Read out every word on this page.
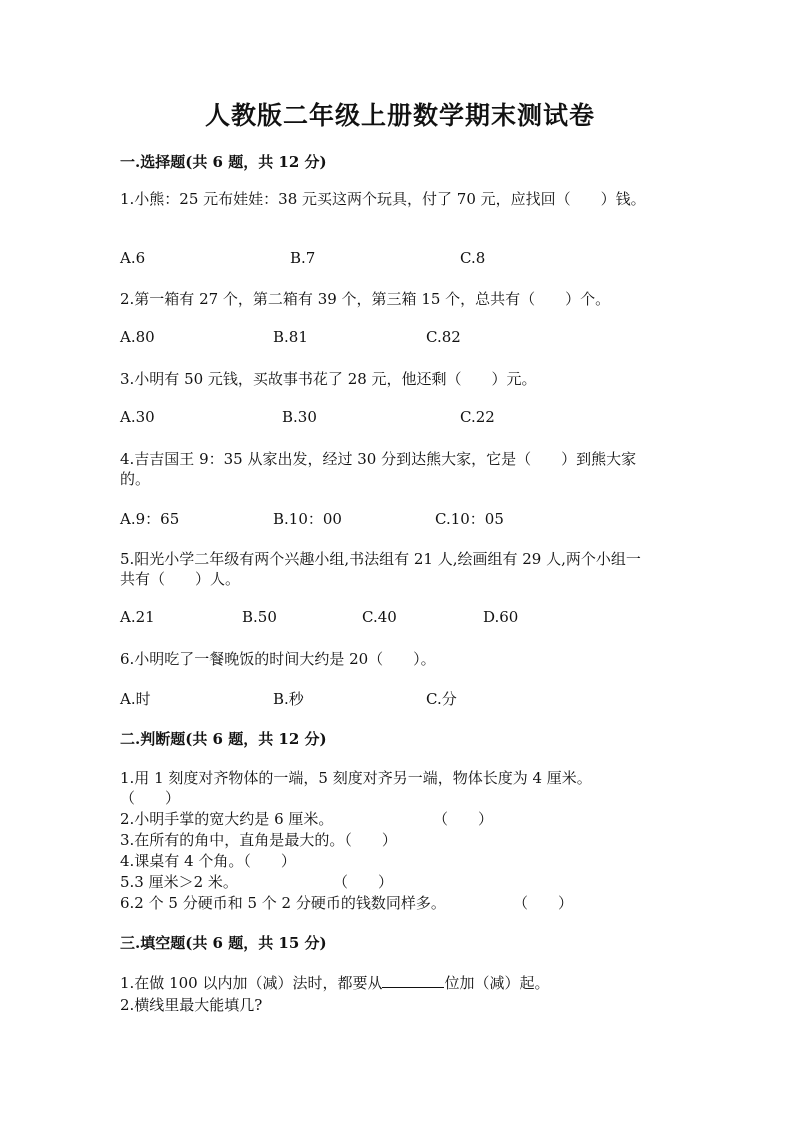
人教版二年级上册数学期末测试卷
一.选择题(共 6 题，共 12 分)
1.小熊：25 元布娃娃：38 元买这两个玩具，付了 70 元，应找回（　　）钱。
A.6	B.7	C.8
2.第一箱有 27 个，第二箱有 39 个，第三箱 15 个，总共有（　　）个。
A.80	B.81	C.82
3.小明有 50 元钱，买故事书花了 28 元，他还剩（　　）元。
A.30	B.30	C.22
4.吉吉国王 9：35 从家出发，经过 30 分到达熊大家，它是（　　）到熊大家
的。
A.9：65	B.10：00	C.10：05
5.阳光小学二年级有两个兴趣小组,书法组有 21 人,绘画组有 29 人,两个小组一
共有（　　）人。
A.21	B.50	C.40	D.60
6.小明吃了一餐晚饭的时间大约是 20（　　）。
A.时	B.秒	C.分
二.判断题(共 6 题，共 12 分)
1.用 1 刻度对齐物体的一端，5 刻度对齐另一端，物体长度为 4 厘米。
（　　）
2.小明手掌的宽大约是 6 厘米。	（　　）
3.在所有的角中，直角是最大的。（　　）
4.课桌有 4 个角。（　　）
5.3 厘米＞2 米。	（　　）
6.2 个 5 分硬币和 5 个 2 分硬币的钱数同样多。	（　　）
三.填空题(共 6 题，共 15 分)
1.在做 100 以内加（减）法时，都要从	位加（减）起。
2.横线里最大能填几?
